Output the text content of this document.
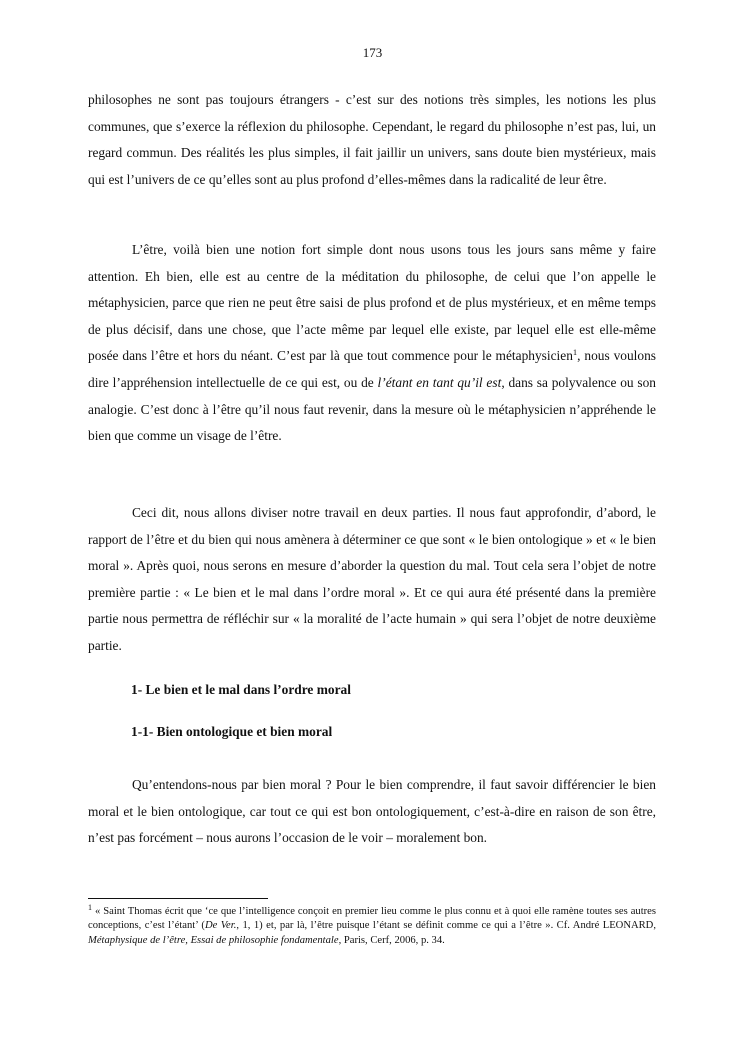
173

philosophes ne sont pas toujours étrangers - c’est sur des notions très simples, les notions les plus communes, que s’exerce la réflexion du philosophe. Cependant, le regard du philosophe n’est pas, lui, un regard commun. Des réalités les plus simples, il fait jaillir un univers, sans doute bien mystérieux, mais qui est l’univers de ce qu’elles sont au plus profond d’elles-mêmes dans la radicalité de leur être.

L’être, voilà bien une notion fort simple dont nous usons tous les jours sans même y faire attention. Eh bien, elle est au centre de la méditation du philosophe, de celui que l’on appelle le métaphysicien, parce que rien ne peut être saisi de plus profond et de plus mystérieux, et en même temps de plus décisif, dans une chose, que l’acte même par lequel elle existe, par lequel elle est elle-même posée dans l’être et hors du néant. C’est par là que tout commence pour le métaphysicien$^1$, nous voulons dire l’appréhension intellectuelle de ce qui est, ou de l’étant en tant qu’il est, dans sa polyvalence ou son analogie. C’est donc à l’être qu’il nous faut revenir, dans la mesure où le métaphysicien n’appréhende le bien que comme un visage de l’être.

Ceci dit, nous allons diviser notre travail en deux parties. Il nous faut approfondir, d’abord, le rapport de l’être et du bien qui nous amènera à déterminer ce que sont « le bien ontologique » et « le bien moral ». Après quoi, nous serons en mesure d’aborder la question du mal. Tout cela sera l’objet de notre première partie : « Le bien et le mal dans l’ordre moral ». Et ce qui aura été présenté dans la première partie nous permettra de réfléchir sur « la moralité de l’acte humain » qui sera l’objet de notre deuxième partie.

1- Le bien et le mal dans l’ordre moral
1-1- Bien ontologique et bien moral

Qu’entendons-nous par bien moral ? Pour le bien comprendre, il faut savoir différencier le bien moral et le bien ontologique, car tout ce qui est bon ontologiquement, c’est-à-dire en raison de son être, n’est pas forcément – nous aurons l’occasion de le voir – moralement bon.

$^1$ « Saint Thomas écrit que ‘ce que l’intelligence conçoit en premier lieu comme le plus connu et à quoi elle ramène toutes ses autres conceptions, c’est l’étant’ (De Ver., 1, 1) et, par là, l’être puisque l’étant se définit comme ce qui a l’être ». Cf. André LEONARD, Métaphysique de l’être, Essai de philosophie fondamentale, Paris, Cerf, 2006, p. 34.
